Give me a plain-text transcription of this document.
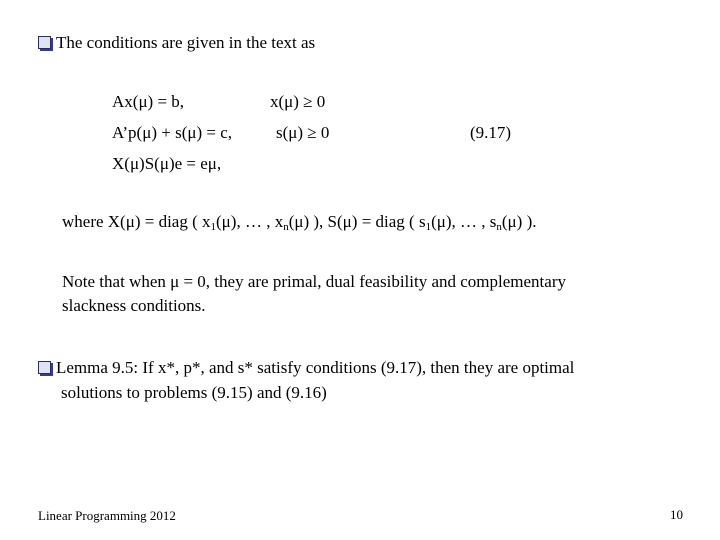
The conditions are given in the text as
Ax(μ) = b,	x(μ) ≥ 0
A’p(μ) + s(μ) = c,	s(μ) ≥ 0	(9.17)
X(μ)S(μ)e = eμ,
where X(μ) = diag ( $x_1(\mu)$, … , $x_n(\mu)$ ), S(μ) = diag ( $s_1(\mu)$, … , $s_n(\mu)$ ).
Note that when μ = 0, they are primal, dual feasibility and complementary
slackness conditions.
Lemma 9.5: If x*, p*, and s* satisfy conditions (9.17), then they are optimal
solutions to problems (9.15) and (9.16)
Linear Programming 2012	10
